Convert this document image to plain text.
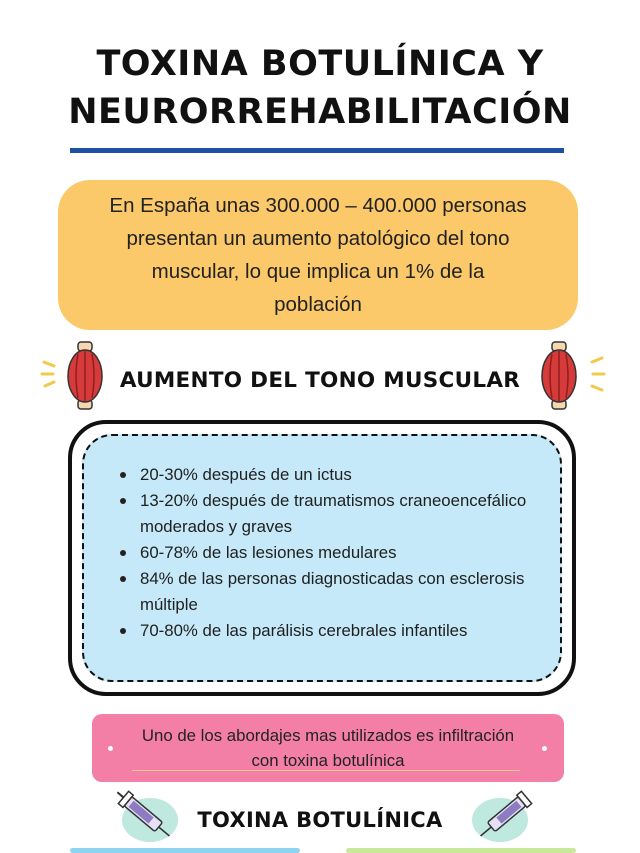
TOXINA BOTULÍNICA Y
NEURORREHABILITACIÓN
En España unas 300.000 – 400.000 personas presentan un aumento patológico del tono muscular, lo que implica un 1% de la población
AUMENTO DEL TONO MUSCULAR
20-30% después de un ictus
13-20% después de traumatismos craneoencefálico moderados y graves
60-78% de las lesiones medulares
84% de las personas diagnosticadas con esclerosis múltiple
70-80% de las parálisis cerebrales infantiles
Uno de los abordajes mas utilizados es infiltración con toxina botulínica
TOXINA BOTULÍNICA
